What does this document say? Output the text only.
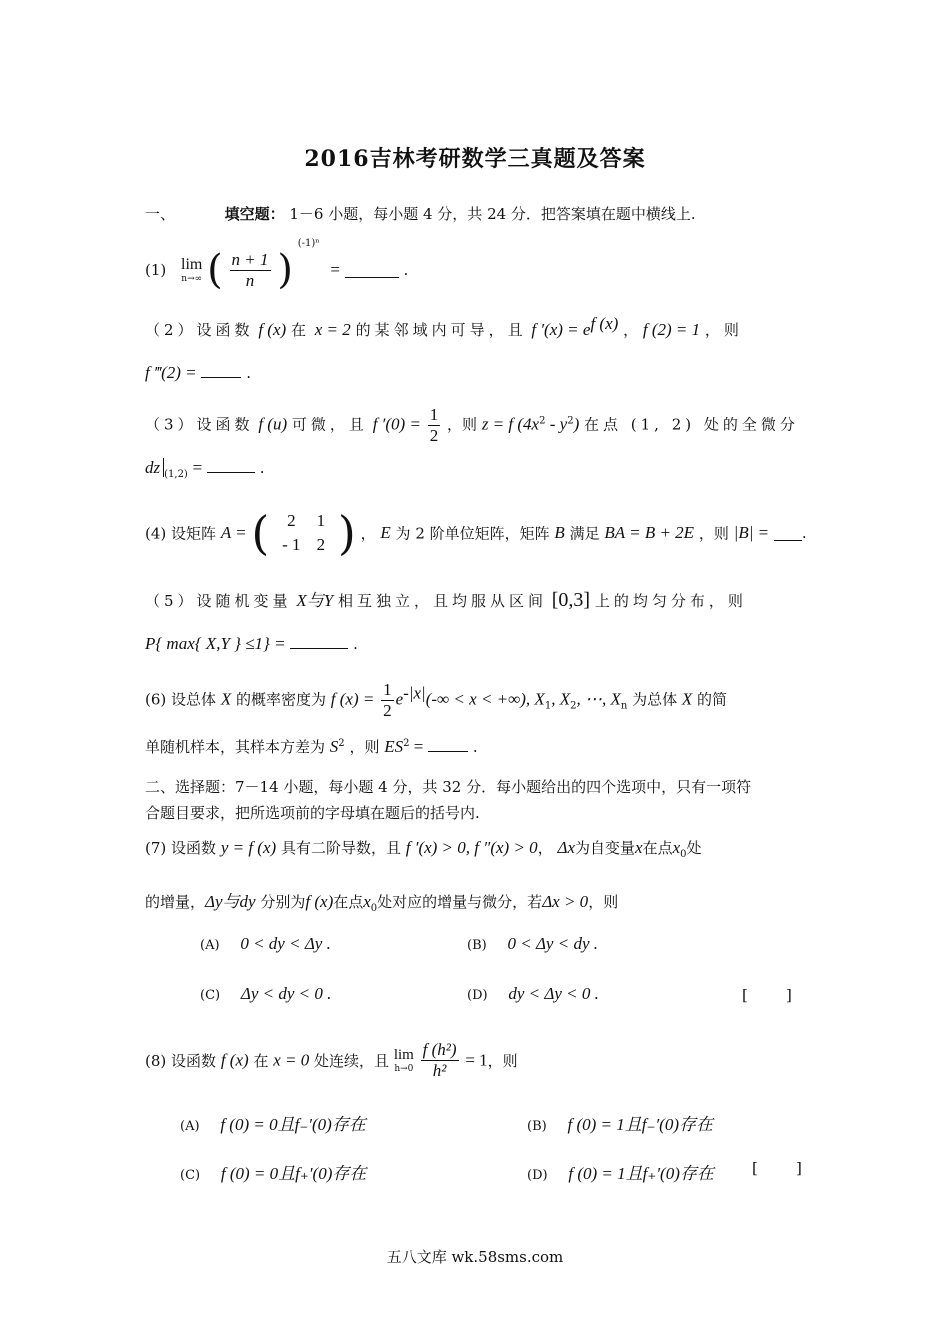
2016吉林考研数学三真题及答案
一、	填空题： 1－6 小题，每小题 4 分，共 24 分．把答案填在题中横线上.
(1) lim
n→∞ ( $\frac{n + 1}{n}$ ) $^{(-1)^n}$ =	.
（2）设函数 f (x) 在 x = 2 的某邻域内可导，且 f $'(x) = e^{f (x)}$ ， f (2) = 1 ，则
f ‴(2) =	.
（3）设函数 f (u) 可微，且 f $'(0) = \frac{1}{2}$ ，则 z = f $(4x^2 - y^2)$ 在点 (1, 2) 处的全微分
dz $_{(1,2)}$ =	.
(4) 设矩阵 A = ( 2	1
- 1	2 ) ， E 为 2 阶单位矩阵，矩阵 B 满足 BA = B + 2E ，则 |B| = .
（5）设随机变量 X与Y 相互独立，且均服从区间 [0,3] 上的均匀分布，则
P{ max{ X,Y } ≤1} =	.
(6) 设总体 X 的概率密度为 f $(x) = \frac{1}{2} e^{-|x|}(-\infty < x$ < +∞), $X_1$, $X_2$, ⋯, $X_n$ 为总体 X 的简
单随机样本，其样本方差为 $S^2$ ，则 $ES^2$ =	.
二、选择题：7－14 小题，每小题 4 分，共 32 分．每小题给出的四个选项中，只有一项符
合题目要求，把所选项前的字母填在题后的括号内.
(7) 设函数 y = f (x) 具有二阶导数，且 f ′(x) > 0, f ″(x) > 0， Δx为自变量x在点$x_0$处
的增量，Δy与dy 分别为f (x)在点$x_0$处对应的增量与微分，若Δx > 0，则
(A) 0 < dy < Δy .	(B) 0 < Δy < dy .
(C) Δy < dy < 0 .	(D) dy < Δy < 0 .	[        ]
(8) 设函数 f (x) 在 x = 0 处连续，且 lim
h→0
$\frac{\text{f (h²)}}{\text{h²}} = 1$，则
(A) f (0) = 0且f₋′(0)存在	(B) f (0) = 1且f₋′(0)存在
(C) f (0) = 0且f₊′(0)存在	(D) f (0) = 1且f₊′(0)存在	[        ]
五八文库 wk.58sms.com
